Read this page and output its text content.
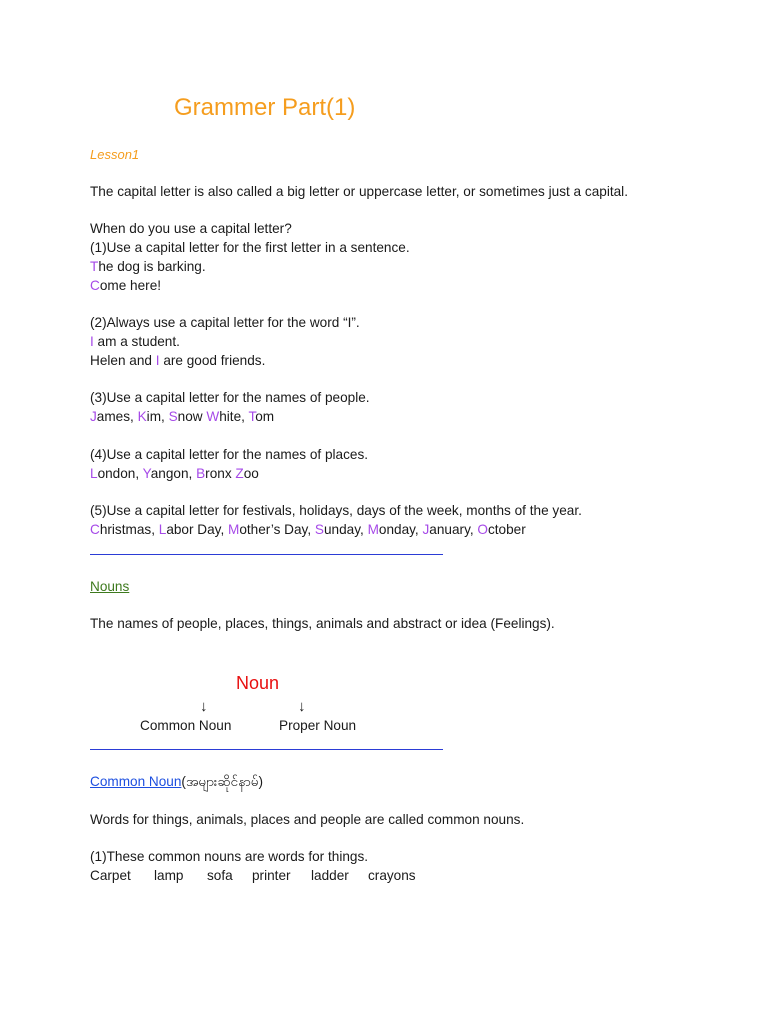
Grammer Part(1)
Lesson1
The capital letter is also called a big letter or uppercase letter, or sometimes just a capital.
When do you use a capital letter?
(1)Use a capital letter for the first letter in a sentence.
The dog is barking.
Come here!
(2)Always use a capital letter for the word “I”.
I am a student.
Helen and I are good friends.
(3)Use a capital letter for the names of people.
James, Kim, Snow White, Tom
(4)Use a capital letter for the names of places.
London, Yangon, Bronx Zoo
(5)Use a capital letter for festivals, holidays, days of the week, months of the year.
Christmas, Labor Day, Mother’s Day, Sunday, Monday, January, October
Nouns
The names of people, places, things, animals and abstract or idea (Feelings).
Noun
↓	↓
Common Noun	Proper Noun
Common Noun(အများဆိုင်နာမ်)
Words for things, animals, places and people are called common nouns.
(1)These common nouns are words for things.
Carpet lamp sofa printer ladder crayons
